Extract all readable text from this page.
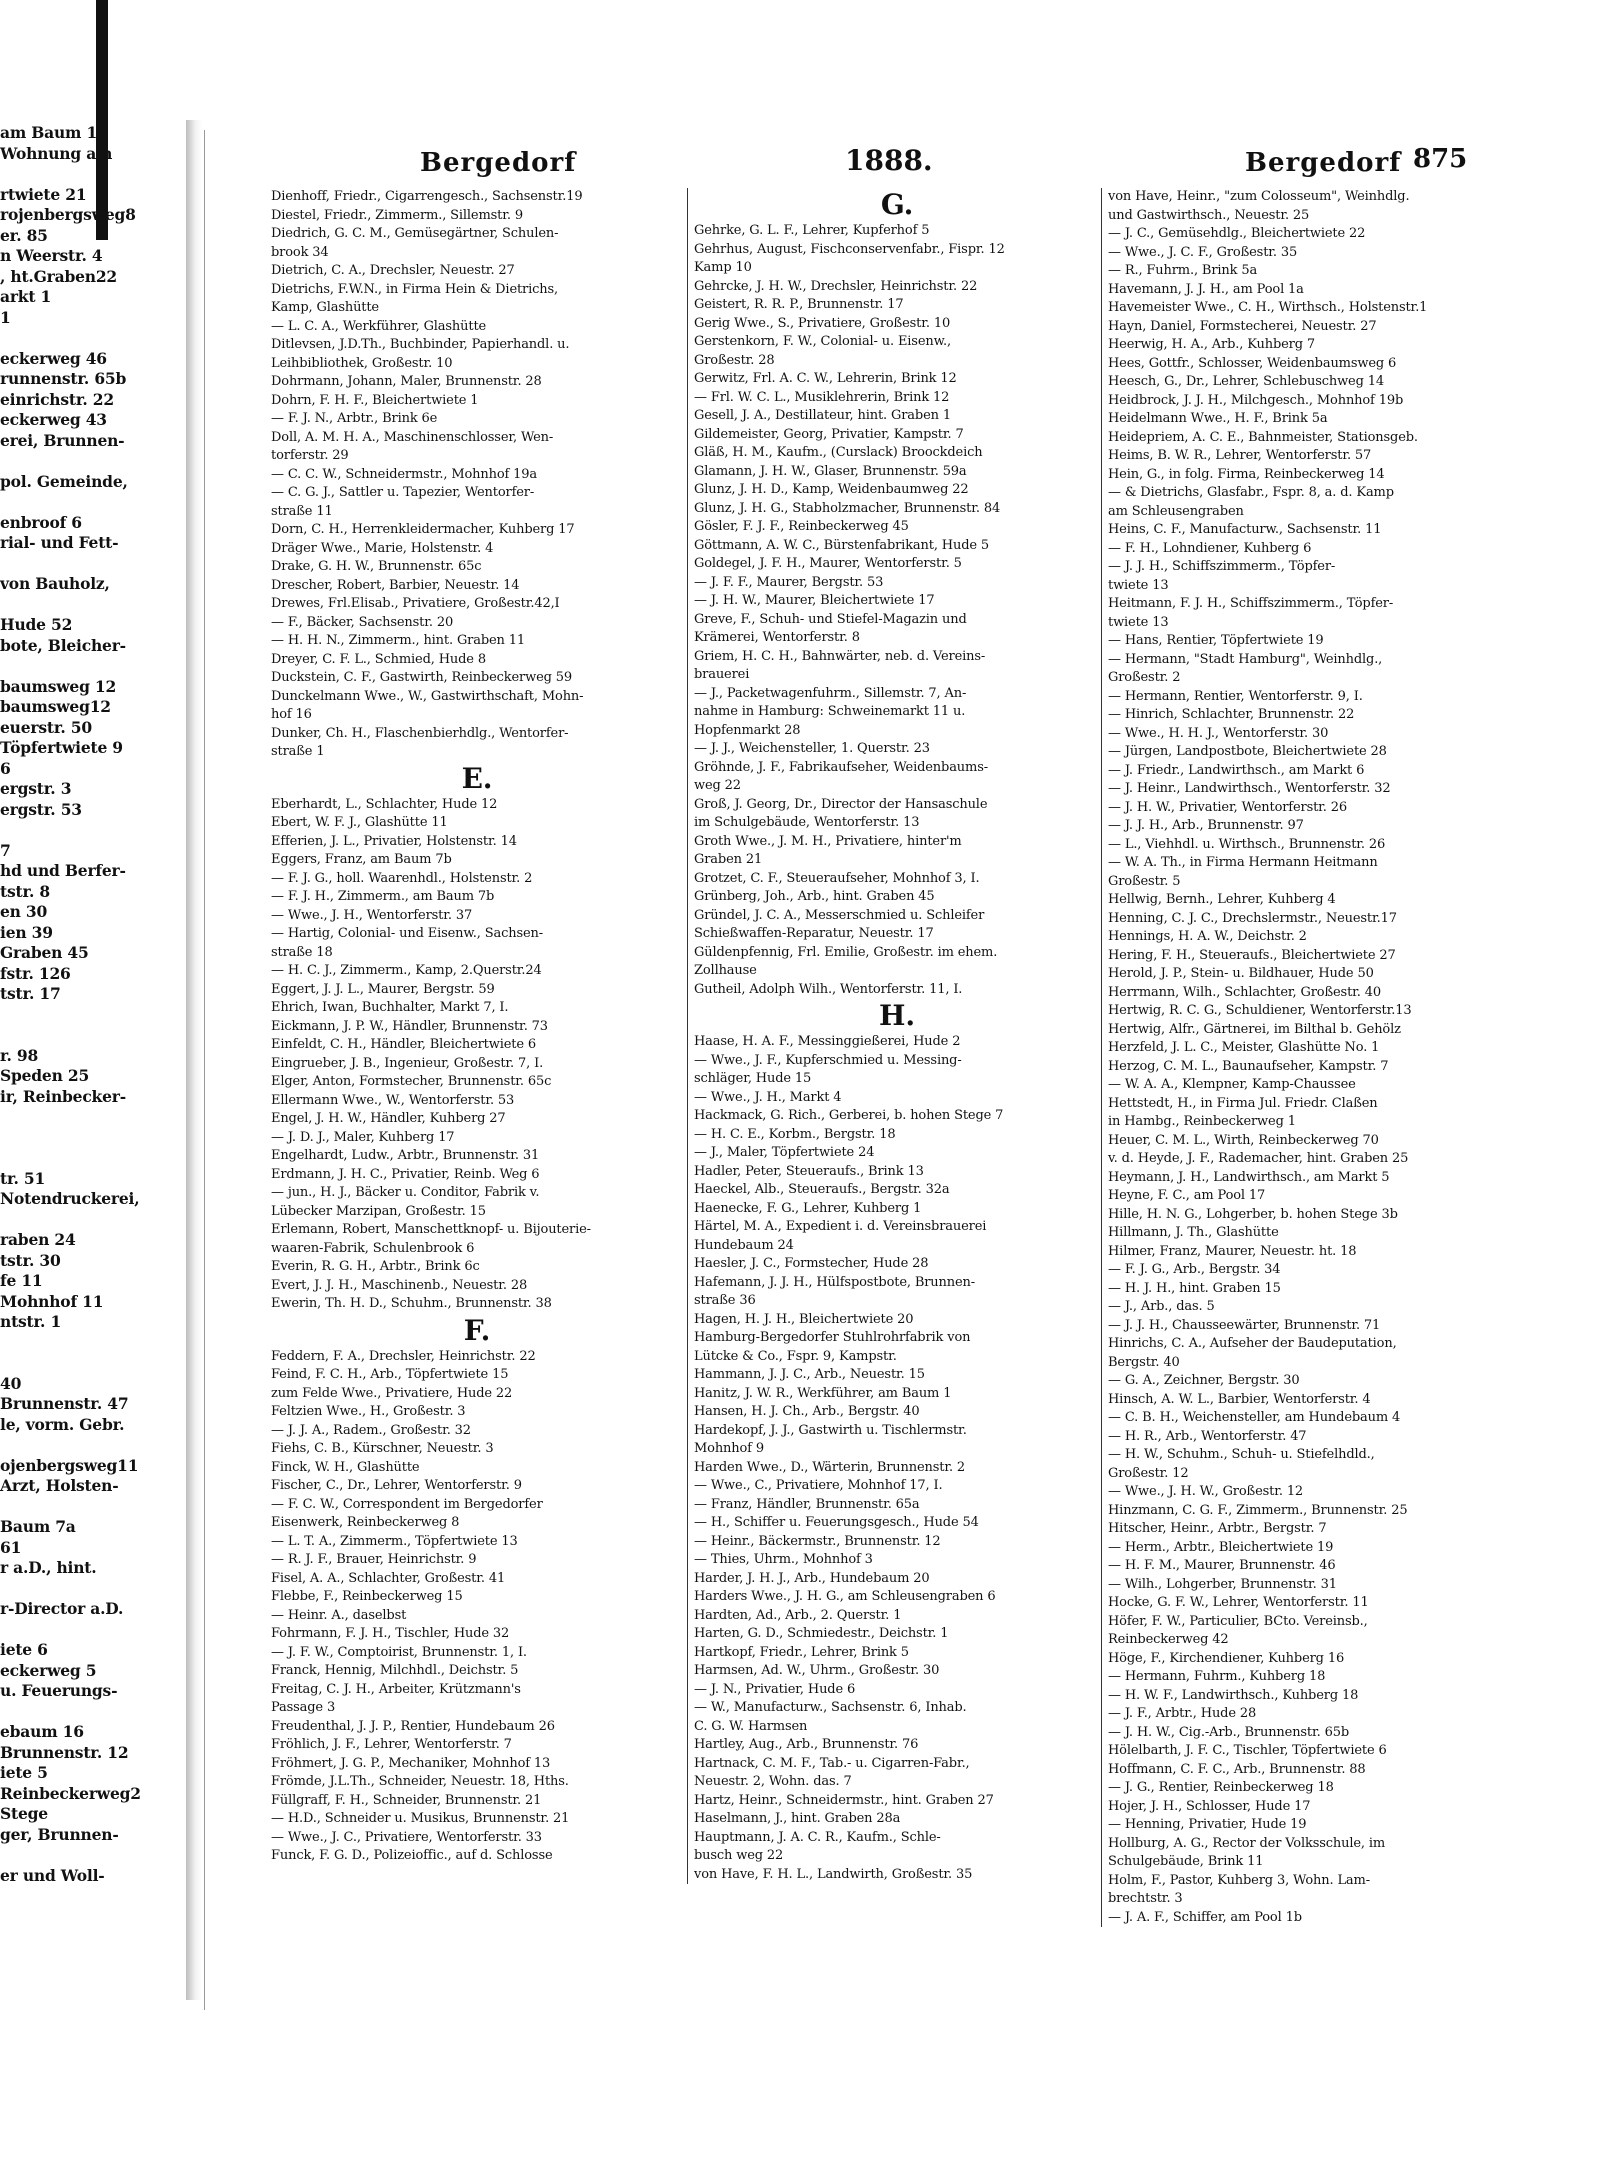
am Baum 1
Wohnung am
rtwiete 21
rojenbergsweg8
er. 85
n Weerstr. 4
, ht.Graben22
arkt 1
1
eckerweg 46
runnenstr. 65b
einrichstr. 22
eckerweg 43
erei, Brunnen-
pol. Gemeinde,
enbroof 6
rial- und Fett-
von Bauholz,
Hude 52
bote, Bleicher-
baumsweg 12
baumsweg12
euerstr. 50
Töpfertwiete 9
6
ergstr. 3
ergstr. 53
7
hd und Berfer-
tstr. 8
en 30
ien 39
Graben 45
fstr. 126
tstr. 17
r. 98
Speden 25
ir, Reinbecker-
tr. 51
Notendruckerei,
raben 24
tstr. 30
fe 11
Mohnhof 11
ntstr. 1
40
Brunnenstr. 47
le, vorm. Gebr.
ojenbergsweg11
Arzt, Holsten-
Baum 7a
61
r a.D., hint.
r-Director a.D.
iete 6
eckerweg 5
u. Feuerungs-
ebaum 16
Brunnenstr. 12
iete 5
Reinbeckerweg2
Stege
ger, Brunnen-
er und Woll-
Bergedorf	1888.	Bergedorf 875
Dienhoff, Friedr., Cigarrengesch., Sachsenstr.19
Diestel, Friedr., Zimmerm., Sillemstr. 9
Diedrich, G. C. M., Gemüsegärtner, Schulen-
brook 34
Dietrich, C. A., Drechsler, Neuestr. 27
Dietrichs, F.W.N., in Firma Hein & Dietrichs,
Kamp, Glashütte
— L. C. A., Werkführer, Glashütte
Ditlevsen, J.D.Th., Buchbinder, Papierhandl. u.
Leihbibliothek, Großestr. 10
Dohrmann, Johann, Maler, Brunnenstr. 28
Dohrn, F. H. F., Bleichertwiete 1
— F. J. N., Arbtr., Brink 6e
Doll, A. M. H. A., Maschinenschlosser, Wen-
torferstr. 29
— C. C. W., Schneidermstr., Mohnhof 19a
— C. G. J., Sattler u. Tapezier, Wentorfer-
straße 11
Dorn, C. H., Herrenkleidermacher, Kuhberg 17
Dräger Wwe., Marie, Holstenstr. 4
Drake, G. H. W., Brunnenstr. 65c
Drescher, Robert, Barbier, Neuestr. 14
Drewes, Frl.Elisab., Privatiere, Großestr.42,I
— F., Bäcker, Sachsenstr. 20
— H. H. N., Zimmerm., hint. Graben 11
Dreyer, C. F. L., Schmied, Hude 8
Duckstein, C. F., Gastwirth, Reinbeckerweg 59
Dunckelmann Wwe., W., Gastwirthschaft, Mohn-
hof 16
Dunker, Ch. H., Flaschenbierhdlg., Wentorfer-
straße 1
E.
Eberhardt, L., Schlachter, Hude 12
Ebert, W. F. J., Glashütte 11
Efferien, J. L., Privatier, Holstenstr. 14
Eggers, Franz, am Baum 7b
— F. J. G., holl. Waarenhdl., Holstenstr. 2
— F. J. H., Zimmerm., am Baum 7b
— Wwe., J. H., Wentorferstr. 37
— Hartig, Colonial- und Eisenw., Sachsen-
straße 18
— H. C. J., Zimmerm., Kamp, 2.Querstr.24
Eggert, J. J. L., Maurer, Bergstr. 59
Ehrich, Iwan, Buchhalter, Markt 7, I.
Eickmann, J. P. W., Händler, Brunnenstr. 73
Einfeldt, C. H., Händler, Bleichertwiete 6
Eingrueber, J. B., Ingenieur, Großestr. 7, I.
Elger, Anton, Formstecher, Brunnenstr. 65c
Ellermann Wwe., W., Wentorferstr. 53
Engel, J. H. W., Händler, Kuhberg 27
— J. D. J., Maler, Kuhberg 17
Engelhardt, Ludw., Arbtr., Brunnenstr. 31
Erdmann, J. H. C., Privatier, Reinb. Weg 6
— jun., H. J., Bäcker u. Conditor, Fabrik v.
Lübecker Marzipan, Großestr. 15
Erlemann, Robert, Manschettknopf- u. Bijouterie-
waaren-Fabrik, Schulenbrook 6
Everin, R. G. H., Arbtr., Brink 6c
Evert, J. J. H., Maschinenb., Neuestr. 28
Ewerin, Th. H. D., Schuhm., Brunnenstr. 38
F.
Feddern, F. A., Drechsler, Heinrichstr. 22
Feind, F. C. H., Arb., Töpfertwiete 15
zum Felde Wwe., Privatiere, Hude 22
Feltzien Wwe., H., Großestr. 3
— J. J. A., Radem., Großestr. 32
Fiehs, C. B., Kürschner, Neuestr. 3
Finck, W. H., Glashütte
Fischer, C., Dr., Lehrer, Wentorferstr. 9
— F. C. W., Correspondent im Bergedorfer
Eisenwerk, Reinbeckerweg 8
— L. T. A., Zimmerm., Töpfertwiete 13
— R. J. F., Brauer, Heinrichstr. 9
Fisel, A. A., Schlachter, Großestr. 41
Flebbe, F., Reinbeckerweg 15
— Heinr. A., daselbst
Fohrmann, F. J. H., Tischler, Hude 32
— J. F. W., Comptoirist, Brunnenstr. 1, I.
Franck, Hennig, Milchhdl., Deichstr. 5
Freitag, C. J. H., Arbeiter, Krützmann's
Passage 3
Freudenthal, J. J. P., Rentier, Hundebaum 26
Fröhlich, J. F., Lehrer, Wentorferstr. 7
Fröhmert, J. G. P., Mechaniker, Mohnhof 13
Frömde, J.L.Th., Schneider, Neuestr. 18, Hths.
Füllgraff, F. H., Schneider, Brunnenstr. 21
— H.D., Schneider u. Musikus, Brunnenstr. 21
— Wwe., J. C., Privatiere, Wentorferstr. 33
Funck, F. G. D., Polizeioffic., auf d. Schlosse
G.
Gehrke, G. L. F., Lehrer, Kupferhof 5
Gehrhus, August, Fischconservenfabr., Fispr. 12
Kamp 10
Gehrcke, J. H. W., Drechsler, Heinrichstr. 22
Geistert, R. R. P., Brunnenstr. 17
Gerig Wwe., S., Privatiere, Großestr. 10
Gerstenkorn, F. W., Colonial- u. Eisenw.,
Großestr. 28
Gerwitz, Frl. A. C. W., Lehrerin, Brink 12
— Frl. W. C. L., Musiklehrerin, Brink 12
Gesell, J. A., Destillateur, hint. Graben 1
Gildemeister, Georg, Privatier, Kampstr. 7
Gläß, H. M., Kaufm., (Curslack) Broockdeich
Glamann, J. H. W., Glaser, Brunnenstr. 59a
Glunz, J. H. D., Kamp, Weidenbaumweg 22
Glunz, J. H. G., Stabholzmacher, Brunnenstr. 84
Gösler, F. J. F., Reinbeckerweg 45
Göttmann, A. W. C., Bürstenfabrikant, Hude 5
Goldegel, J. F. H., Maurer, Wentorferstr. 5
— J. F. F., Maurer, Bergstr. 53
— J. H. W., Maurer, Bleichertwiete 17
Greve, F., Schuh- und Stiefel-Magazin und
Krämerei, Wentorferstr. 8
Griem, H. C. H., Bahnwärter, neb. d. Vereins-
brauerei
— J., Packetwagenfuhrm., Sillemstr. 7, An-
nahme in Hamburg: Schweinemarkt 11 u.
Hopfenmarkt 28
— J. J., Weichensteller, 1. Querstr. 23
Gröhnde, J. F., Fabrikaufseher, Weidenbaums-
weg 22
Groß, J. Georg, Dr., Director der Hansaschule
im Schulgebäude, Wentorferstr. 13
Groth Wwe., J. M. H., Privatiere, hinter'm
Graben 21
Grotzet, C. F., Steueraufseher, Mohnhof 3, I.
Grünberg, Joh., Arb., hint. Graben 45
Gründel, J. C. A., Messerschmied u. Schleifer
Schießwaffen-Reparatur, Neuestr. 17
Güldenpfennig, Frl. Emilie, Großestr. im ehem.
Zollhause
Gutheil, Adolph Wilh., Wentorferstr. 11, I.
H.
Haase, H. A. F., Messinggießerei, Hude 2
— Wwe., J. F., Kupferschmied u. Messing-
schläger, Hude 15
— Wwe., J. H., Markt 4
Hackmack, G. Rich., Gerberei, b. hohen Stege 7
— H. C. E., Korbm., Bergstr. 18
— J., Maler, Töpfertwiete 24
Hadler, Peter, Steueraufs., Brink 13
Haeckel, Alb., Steueraufs., Bergstr. 32a
Haenecke, F. G., Lehrer, Kuhberg 1
Härtel, M. A., Expedient i. d. Vereinsbrauerei
Hundebaum 24
Haesler, J. C., Formstecher, Hude 28
Hafemann, J. J. H., Hülfspostbote, Brunnen-
straße 36
Hagen, H. J. H., Bleichertwiete 20
Hamburg-Bergedorfer Stuhlrohrfabrik von
Lütcke & Co., Fspr. 9, Kampstr.
Hammann, J. J. C., Arb., Neuestr. 15
Hanitz, J. W. R., Werkführer, am Baum 1
Hansen, H. J. Ch., Arb., Bergstr. 40
Hardekopf, J. J., Gastwirth u. Tischlermstr.
Mohnhof 9
Harden Wwe., D., Wärterin, Brunnenstr. 2
— Wwe., C., Privatiere, Mohnhof 17, I.
— Franz, Händler, Brunnenstr. 65a
— H., Schiffer u. Feuerungsgesch., Hude 54
— Heinr., Bäckermstr., Brunnenstr. 12
— Thies, Uhrm., Mohnhof 3
Harder, J. H. J., Arb., Hundebaum 20
Harders Wwe., J. H. G., am Schleusengraben 6
Hardten, Ad., Arb., 2. Querstr. 1
Harten, G. D., Schmiedestr., Deichstr. 1
Hartkopf, Friedr., Lehrer, Brink 5
Harmsen, Ad. W., Uhrm., Großestr. 30
— J. N., Privatier, Hude 6
— W., Manufacturw., Sachsenstr. 6, Inhab.
C. G. W. Harmsen
Hartley, Aug., Arb., Brunnenstr. 76
Hartnack, C. M. F., Tab.- u. Cigarren-Fabr.,
Neuestr. 2, Wohn. das. 7
Hartz, Heinr., Schneidermstr., hint. Graben 27
Haselmann, J., hint. Graben 28a
Hauptmann, J. A. C. R., Kaufm., Schle-
busch weg 22
von Have, F. H. L., Landwirth, Großestr. 35
von Have, Heinr., "zum Colosseum", Weinhdlg.
und Gastwirthsch., Neuestr. 25
— J. C., Gemüsehdlg., Bleichertwiete 22
— Wwe., J. C. F., Großestr. 35
— R., Fuhrm., Brink 5a
Havemann, J. J. H., am Pool 1a
Havemeister Wwe., C. H., Wirthsch., Holstenstr.1
Hayn, Daniel, Formstecherei, Neuestr. 27
Heerwig, H. A., Arb., Kuhberg 7
Hees, Gottfr., Schlosser, Weidenbaumsweg 6
Heesch, G., Dr., Lehrer, Schlebuschweg 14
Heidbrock, J. J. H., Milchgesch., Mohnhof 19b
Heidelmann Wwe., H. F., Brink 5a
Heidepriem, A. C. E., Bahnmeister, Stationsgeb.
Heims, B. W. R., Lehrer, Wentorferstr. 57
Hein, G., in folg. Firma, Reinbeckerweg 14
— & Dietrichs, Glasfabr., Fspr. 8, a. d. Kamp
am Schleusengraben
Heins, C. F., Manufacturw., Sachsenstr. 11
— F. H., Lohndiener, Kuhberg 6
— J. J. H., Schiffszimmerm., Töpfer-
twiete 13
Heitmann, F. J. H., Schiffszimmerm., Töpfer-
twiete 13
— Hans, Rentier, Töpfertwiete 19
— Hermann, "Stadt Hamburg", Weinhdlg.,
Großestr. 2
— Hermann, Rentier, Wentorferstr. 9, I.
— Hinrich, Schlachter, Brunnenstr. 22
— Wwe., H. H. J., Wentorferstr. 30
— Jürgen, Landpostbote, Bleichertwiete 28
— J. Friedr., Landwirthsch., am Markt 6
— J. Heinr., Landwirthsch., Wentorferstr. 32
— J. H. W., Privatier, Wentorferstr. 26
— J. J. H., Arb., Brunnenstr. 97
— L., Viehhdl. u. Wirthsch., Brunnenstr. 26
— W. A. Th., in Firma Hermann Heitmann
Großestr. 5
Hellwig, Bernh., Lehrer, Kuhberg 4
Henning, C. J. C., Drechslermstr., Neuestr.17
Hennings, H. A. W., Deichstr. 2
Hering, F. H., Steueraufs., Bleichertwiete 27
Herold, J. P., Stein- u. Bildhauer, Hude 50
Herrmann, Wilh., Schlachter, Großestr. 40
Hertwig, R. C. G., Schuldiener, Wentorferstr.13
Hertwig, Alfr., Gärtnerei, im Bilthal b. Gehölz
Herzfeld, J. L. C., Meister, Glashütte No. 1
Herzog, C. M. L., Baunaufseher, Kampstr. 7
— W. A. A., Klempner, Kamp-Chaussee
Hettstedt, H., in Firma Jul. Friedr. Claßen
in Hambg., Reinbeckerweg 1
Heuer, C. M. L., Wirth, Reinbeckerweg 70
v. d. Heyde, J. F., Rademacher, hint. Graben 25
Heymann, J. H., Landwirthsch., am Markt 5
Heyne, F. C., am Pool 17
Hille, H. N. G., Lohgerber, b. hohen Stege 3b
Hillmann, J. Th., Glashütte
Hilmer, Franz, Maurer, Neuestr. ht. 18
— F. J. G., Arb., Bergstr. 34
— H. J. H., hint. Graben 15
— J., Arb., das. 5
— J. J. H., Chausseewärter, Brunnenstr. 71
Hinrichs, C. A., Aufseher der Baudeputation,
Bergstr. 40
— G. A., Zeichner, Bergstr. 30
Hinsch, A. W. L., Barbier, Wentorferstr. 4
— C. B. H., Weichensteller, am Hundebaum 4
— H. R., Arb., Wentorferstr. 47
— H. W., Schuhm., Schuh- u. Stiefelhdld.,
Großestr. 12
— Wwe., J. H. W., Großestr. 12
Hinzmann, C. G. F., Zimmerm., Brunnenstr. 25
Hitscher, Heinr., Arbtr., Bergstr. 7
— Herm., Arbtr., Bleichertwiete 19
— H. F. M., Maurer, Brunnenstr. 46
— Wilh., Lohgerber, Brunnenstr. 31
Hocke, G. F. W., Lehrer, Wentorferstr. 11
Höfer, F. W., Particulier, BCto. Vereinsb.,
Reinbeckerweg 42
Höge, F., Kirchendiener, Kuhberg 16
— Hermann, Fuhrm., Kuhberg 18
— H. W. F., Landwirthsch., Kuhberg 18
— J. F., Arbtr., Hude 28
— J. H. W., Cig.-Arb., Brunnenstr. 65b
Hölelbarth, J. F. C., Tischler, Töpfertwiete 6
Hoffmann, C. F. C., Arb., Brunnenstr. 88
— J. G., Rentier, Reinbeckerweg 18
Hojer, J. H., Schlosser, Hude 17
— Henning, Privatier, Hude 19
Hollburg, A. G., Rector der Volksschule, im
Schulgebäude, Brink 11
Holm, F., Pastor, Kuhberg 3, Wohn. Lam-
brechtstr. 3
— J. A. F., Schiffer, am Pool 1b
